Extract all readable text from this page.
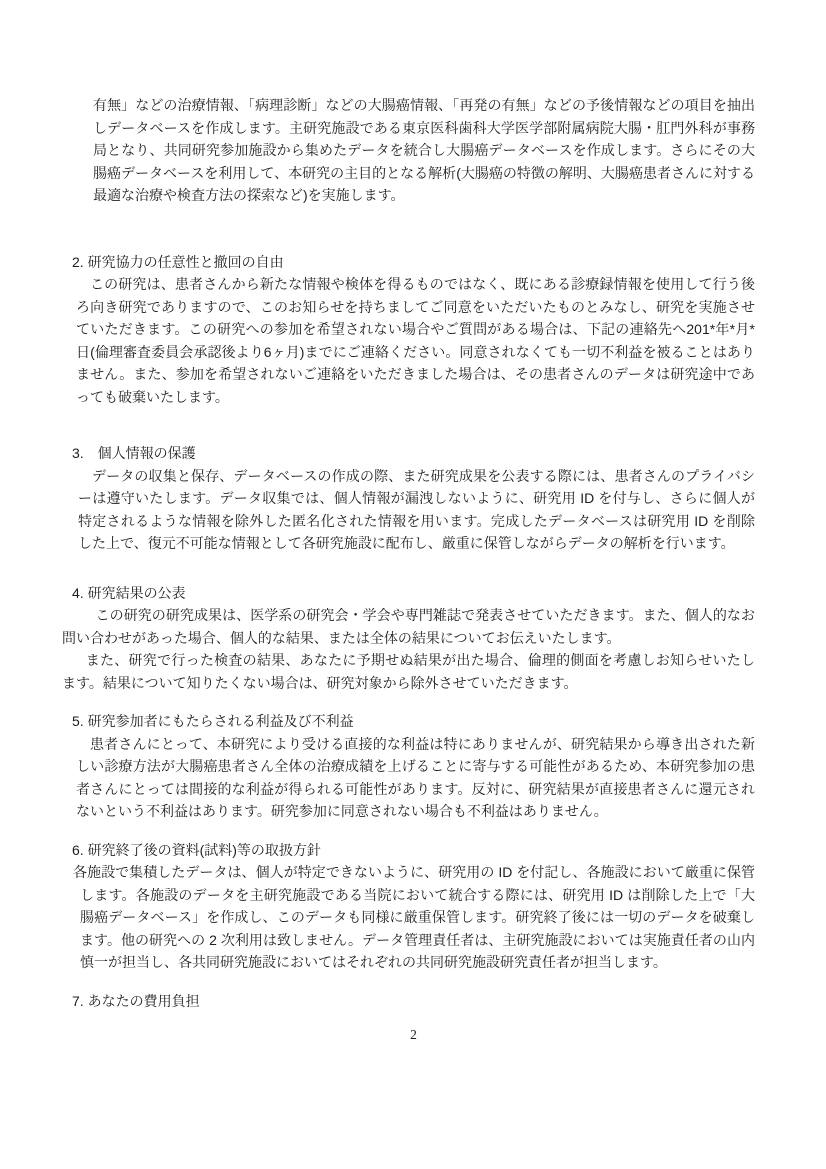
有無」などの治療情報、「病理診断」などの大腸癌情報、「再発の有無」などの予後情報などの項目を抽出しデータベースを作成します。主研究施設である東京医科歯科大学医学部附属病院大腸・肛門外科が事務局となり、共同研究参加施設から集めたデータを統合し大腸癌データベースを作成します。さらにその大腸癌データベースを利用して、本研究の主目的となる解析(大腸癌の特徴の解明、大腸癌患者さんに対する最適な治療や検査方法の探索など)を実施します。

2. 研究協力の任意性と撤回の自由

この研究は、患者さんから新たな情報や検体を得るものではなく、既にある診療録情報を使用して行う後ろ向き研究でありますので、このお知らせを持ちましてご同意をいただいたものとみなし、研究を実施させていただきます。この研究への参加を希望されない場合やご質問がある場合は、下記の連絡先へ201*年*月*日(倫理審査委員会承認後より6ヶ月)までにご連絡ください。同意されなくても一切不利益を被ることはありません。また、参加を希望されないご連絡をいただきました場合は、その患者さんのデータは研究途中であっても破棄いたします。

3.　個人情報の保護

データの収集と保存、データベースの作成の際、また研究成果を公表する際には、患者さんのプライバシーは遵守いたします。データ収集では、個人情報が漏洩しないように、研究用 ID を付与し、さらに個人が特定されるような情報を除外した匿名化された情報を用います。完成したデータベースは研究用 ID を削除した上で、復元不可能な情報として各研究施設に配布し、厳重に保管しながらデータの解析を行います。

4. 研究結果の公表

この研究の研究成果は、医学系の研究会・学会や専門雑誌で発表させていただきます。また、個人的なお問い合わせがあった場合、個人的な結果、または全体の結果についてお伝えいたします。

また、研究で行った検査の結果、あなたに予期せぬ結果が出た場合、倫理的側面を考慮しお知らせいたします。結果について知りたくない場合は、研究対象から除外させていただきます。

5. 研究参加者にもたらされる利益及び不利益

患者さんにとって、本研究により受ける直接的な利益は特にありませんが、研究結果から導き出された新しい診療方法が大腸癌患者さん全体の治療成績を上げることに寄与する可能性があるため、本研究参加の患者さんにとっては間接的な利益が得られる可能性があります。反対に、研究結果が直接患者さんに還元されないという不利益はあります。研究参加に同意されない場合も不利益はありません。

6. 研究終了後の資料(試料)等の取扱方針

各施設で集積したデータは、個人が特定できないように、研究用の ID を付記し、各施設において厳重に保管します。各施設のデータを主研究施設である当院において統合する際には、研究用 ID は削除した上で「大腸癌データベース」を作成し、このデータも同様に厳重保管します。研究終了後には一切のデータを破棄します。他の研究への 2 次利用は致しません。データ管理責任者は、主研究施設においては実施責任者の山内慎一が担当し、各共同研究施設においてはそれぞれの共同研究施設研究責任者が担当します。

7. あなたの費用負担

2
